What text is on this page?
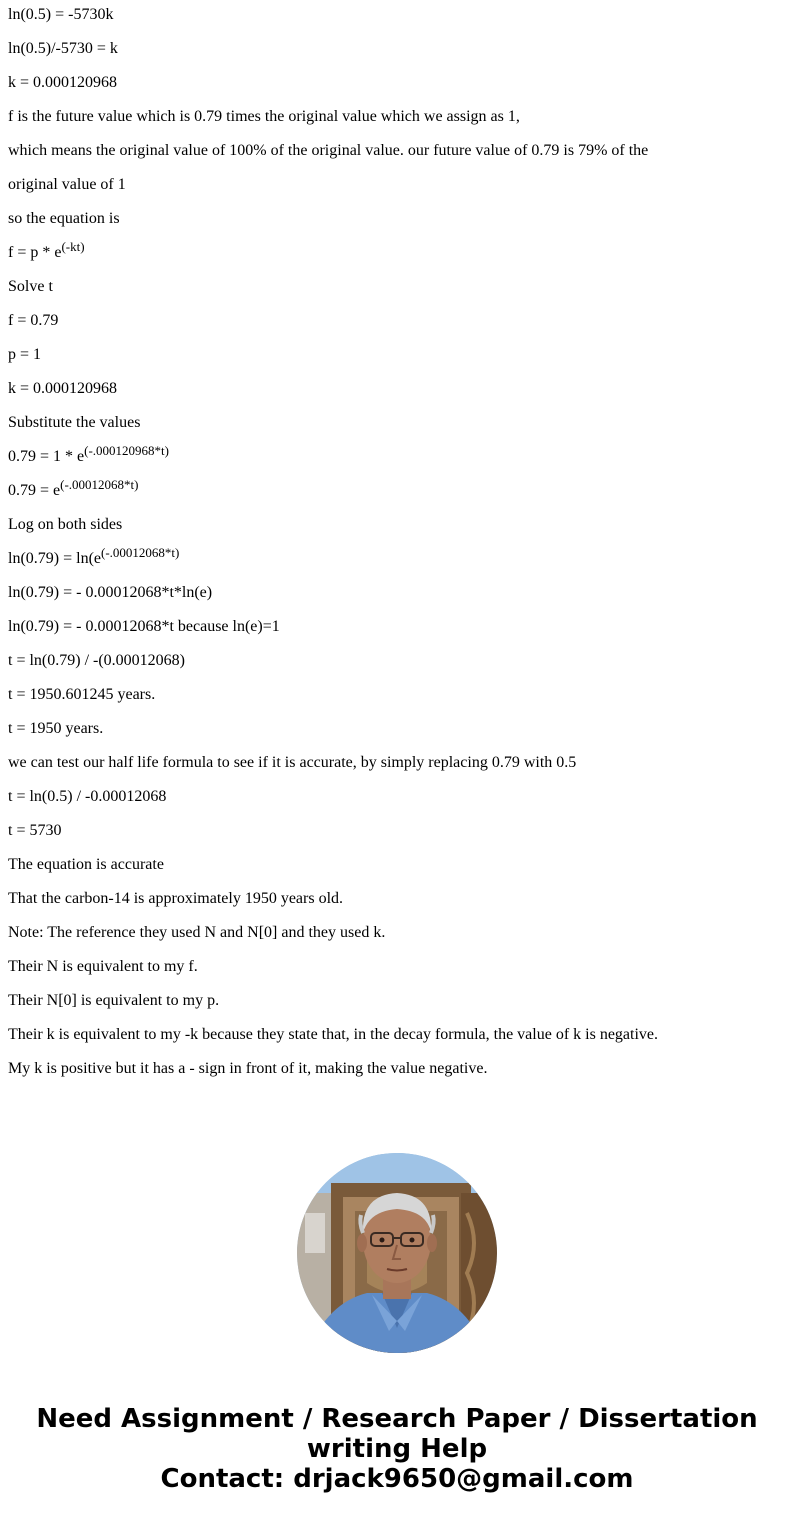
ln(0.5) = -5730k
ln(0.5)/-5730 = k
k = 0.000120968
f is the future value which is 0.79 times the original value which we assign as 1,
which means the original value of 100% of the original value. our future value of 0.79 is 79% of the
original value of 1
so the equation is
$f = p * e^{(-kt)}$
Solve t
f = 0.79
p = 1
k = 0.000120968
Substitute the values
$0.79 = 1 * e^{(-.000120968*t)}$
$0.79 = e^{(-.00012068*t)}$
Log on both sides
$\ln(0.79) = \ln(e^{(-.00012068*t)}$
ln(0.79) = - 0.00012068*t*ln(e)
ln(0.79) = - 0.00012068*t because ln(e)=1
t = ln(0.79) / -(0.00012068)
t = 1950.601245 years.
t = 1950 years.
we can test our half life formula to see if it is accurate, by simply replacing 0.79 with 0.5
t = ln(0.5) / -0.00012068
t = 5730
The equation is accurate
That the carbon-14 is approximately 1950 years old.
Note: The reference they used N and N[0] and they used k.
Their N is equivalent to my f.
Their N[0] is equivalent to my p.
Their k is equivalent to my -k because they state that, in the decay formula, the value of k is negative.
My k is positive but it has a - sign in front of it, making the value negative.
Need Assignment / Research Paper / Dissertation
writing Help
Contact: drjack9650@gmail.com
